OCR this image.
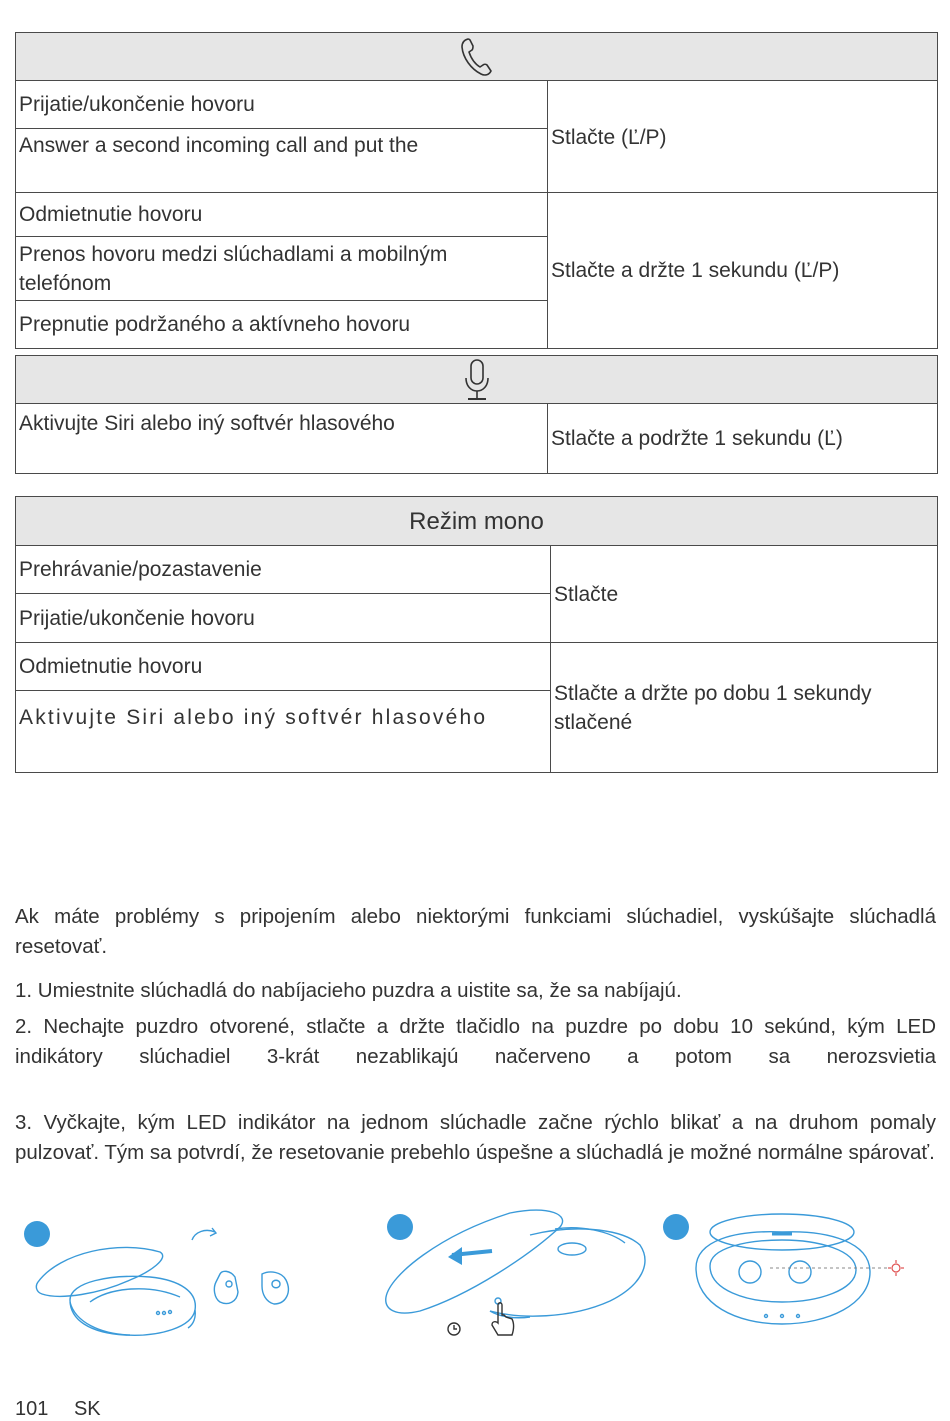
Prijatie/ukončenie hovoru	Stlačte (Ľ/P)
Answer a second incoming call and put the	
Odmietnutie hovoru	Stlačte a držte 1 sekundu (Ľ/P)
Prenos hovoru medzi slúchadlami a mobilným telefónom	
Prepnutie podržaného a aktívneho hovoru	

Aktivujte Siri alebo iný softvér hlasového	Stlačte a podržte 1 sekundu (Ľ)
Režim mono	
Prehrávanie/pozastavenie	Stlačte
Prijatie/ukončenie hovoru	
Odmietnutie hovoru	Stlačte a držte po dobu 1 sekundy stlačené
Aktivujte Siri alebo iný softvér hlasového	

Ak máte problémy s pripojením alebo niektorými funkciami slúchadiel, vyskúšajte slúchadlá resetovať.

1. Umiestnite slúchadlá do nabíjacieho puzdra a uistite sa, že sa nabíjajú.

2. Nechajte puzdro otvorené, stlačte a držte tlačidlo na puzdre po dobu 10 sekúnd, kým LED indikátory slúchadiel 3-krát nezablikajú načerveno a potom sa nerozsvietia

3. Vyčkajte, kým LED indikátor na jednom slúchadle začne rýchlo blikať a na druhom pomaly pulzovať. Tým sa potvrdí, že resetovanie prebehlo úspešne a slúchadlá je možné normálne spárovať.

101 SK
